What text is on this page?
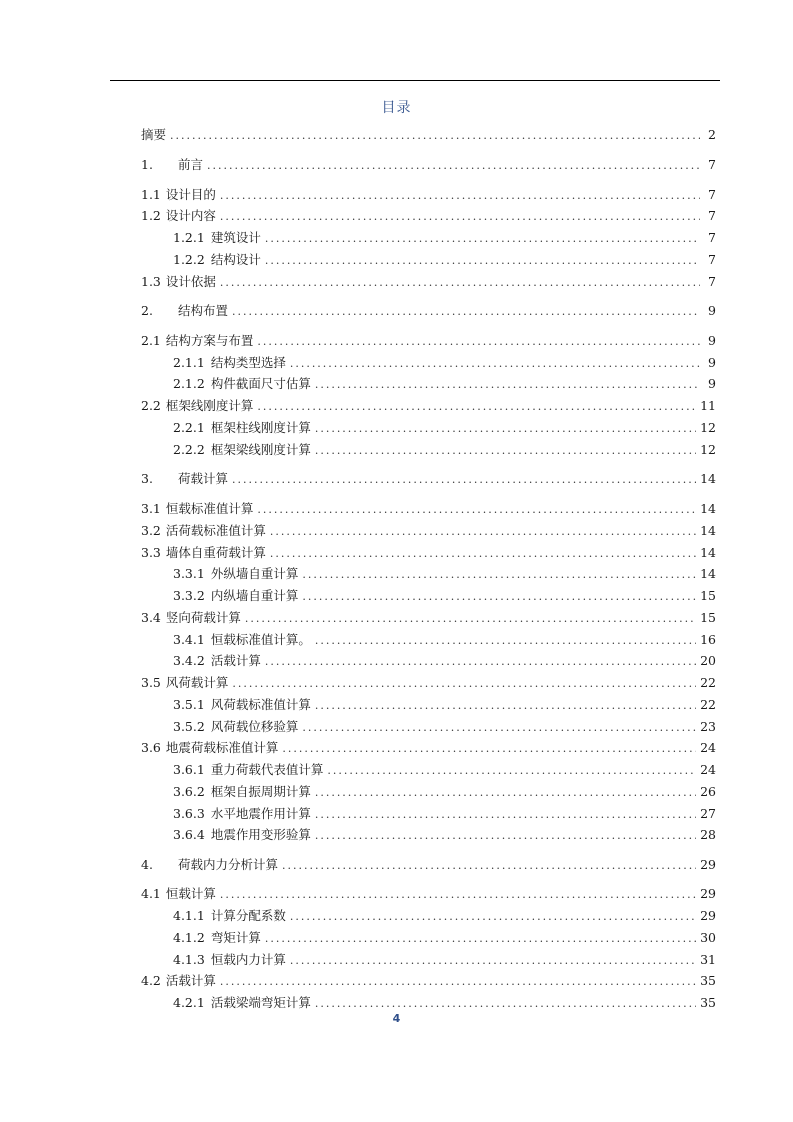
目录
摘要 .....	2
1.	前言 .....	7
1.1 设计目的 .....	7
1.2 设计内容 .....	7
1.2.1 建筑设计 .....	7
1.2.2 结构设计 .....	7
1.3 设计依据 .....	7
2.	结构布置 .....	9
2.1 结构方案与布置 .....	9
2.1.1 结构类型选择 .....	9
2.1.2 构件截面尺寸估算 .....	9
2.2 框架线刚度计算 .....	11
2.2.1 框架柱线刚度计算 .....	12
2.2.2 框架梁线刚度计算 .....	12
3.	荷载计算 .....	14
3.1 恒载标准值计算 .....	14
3.2 活荷载标准值计算 .....	14
3.3 墙体自重荷载计算 .....	14
3.3.1 外纵墙自重计算 .....	14
3.3.2 内纵墙自重计算 .....	15
3.4 竖向荷载计算 .....	15
3.4.1 恒载标准值计算。 .....	16
3.4.2 活载计算 .....	20
3.5 风荷载计算 .....	22
3.5.1 风荷载标准值计算 .....	22
3.5.2 风荷载位移验算 .....	23
3.6 地震荷载标准值计算 .....	24
3.6.1 重力荷载代表值计算 .....	24
3.6.2 框架自振周期计算 .....	26
3.6.3 水平地震作用计算 .....	27
3.6.4 地震作用变形验算 .....	28
4.	荷载内力分析计算 .....	29
4.1 恒载计算 .....	29
4.1.1 计算分配系数 .....	29
4.1.2 弯矩计算 .....	30
4.1.3 恒载内力计算 .....	31
4.2 活载计算 .....	35
4.2.1 活载梁端弯矩计算 .....	35
4
